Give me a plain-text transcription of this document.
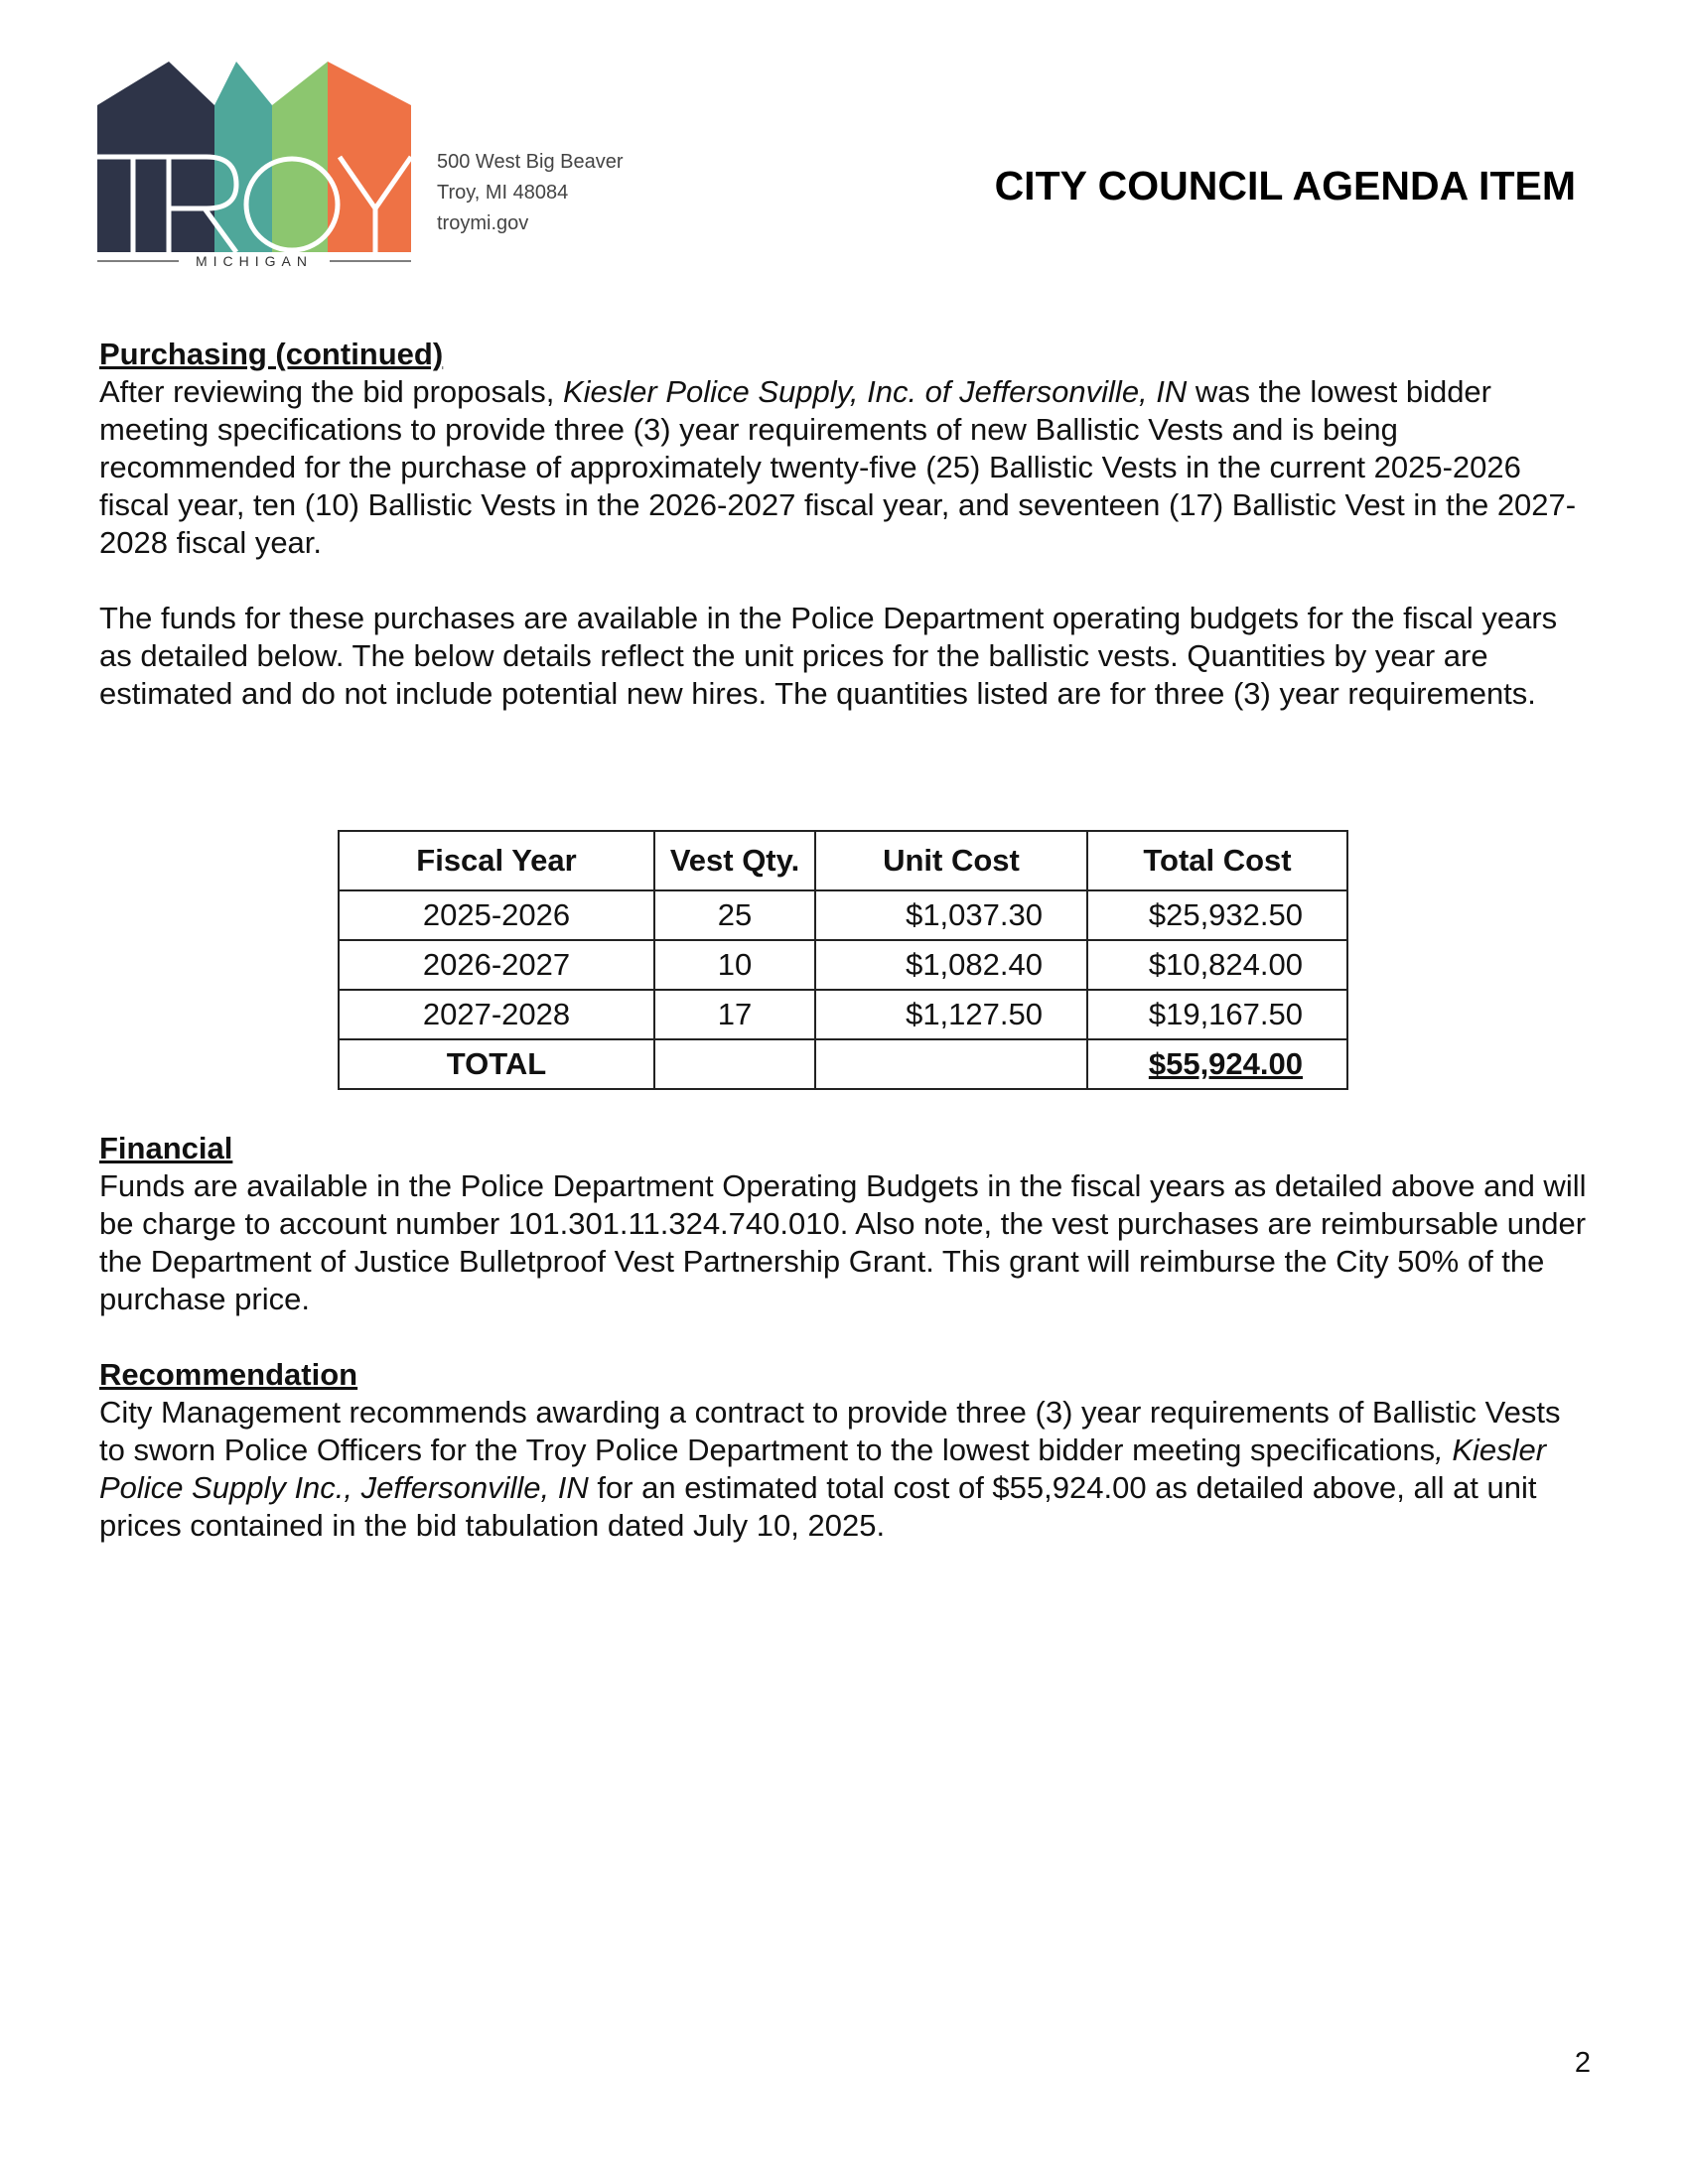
MICHIGAN
500 West Big Beaver
Troy, MI 48084
troymi.gov
CITY COUNCIL AGENDA ITEM
Purchasing (continued)

After reviewing the bid proposals, Kiesler Police Supply, Inc. of Jeffersonville, IN was the lowest bidder meeting specifications to provide three (3) year requirements of new Ballistic Vests and is being recommended for the purchase of approximately twenty-five (25) Ballistic Vests in the current 2025-2026 fiscal year, ten (10) Ballistic Vests in the 2026-2027 fiscal year, and seventeen (17) Ballistic Vest in the 2027-2028 fiscal year.

The funds for these purchases are available in the Police Department operating budgets for the fiscal years as detailed below. The below details reflect the unit prices for the ballistic vests. Quantities by year are estimated and do not include potential new hires. The quantities listed are for three (3) year requirements.

Fiscal Year	Vest Qty.	Unit Cost	Total Cost
2025-2026	25	$1,037.30	$25,932.50
2026-2027	10	$1,082.40	$10,824.00
2027-2028	17	$1,127.50	$19,167.50
TOTAL			$55,924.00
Financial

Funds are available in the Police Department Operating Budgets in the fiscal years as detailed above and will be charge to account number 101.301.11.324.740.010. Also note, the vest purchases are reimbursable under the Department of Justice Bulletproof Vest Partnership Grant. This grant will reimburse the City 50% of the purchase price.

Recommendation

City Management recommends awarding a contract to provide three (3) year requirements of Ballistic Vests to sworn Police Officers for the Troy Police Department to the lowest bidder meeting specifications, Kiesler Police Supply Inc., Jeffersonville, IN for an estimated total cost of $55,924.00 as detailed above, all at unit prices contained in the bid tabulation dated July 10, 2025.

2
